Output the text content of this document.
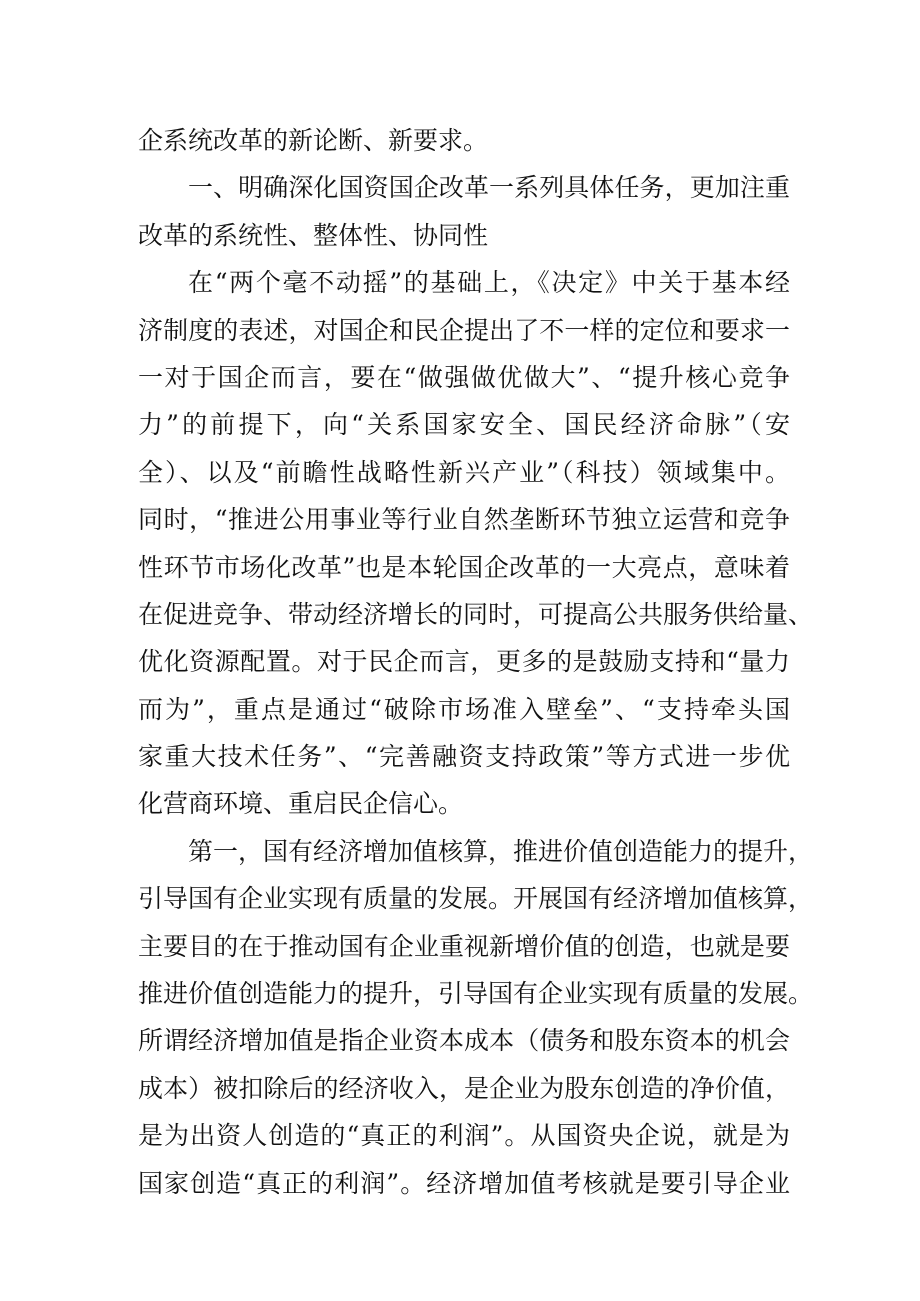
企系统改革的新论断、新要求。
一、明确深化国资国企改革一系列具体任务，更加注重
改革的系统性、整体性、协同性
在“两个毫不动摇”的基础上，《决定》中关于基本经
济制度的表述，对国企和民企提出了不一样的定位和要求一
一对于国企而言，要在“做强做优做大”、“提升核心竞争
力”的前提下，向“关系国家安全、国民经济命脉”（安
全）、以及“前瞻性战略性新兴产业”（科技）领域集中。
同时，“推进公用事业等行业自然垄断环节独立运营和竞争
性环节市场化改革”也是本轮国企改革的一大亮点，意味着
在促进竞争、带动经济增长的同时，可提高公共服务供给量、
优化资源配置。对于民企而言，更多的是鼓励支持和“量力
而为”，重点是通过“破除市场准入壁垒”、“支持牵头国
家重大技术任务”、“完善融资支持政策”等方式进一步优
化营商环境、重启民企信心。
第一，国有经济增加值核算，推进价值创造能力的提升，
引导国有企业实现有质量的发展。开展国有经济增加值核算，
主要目的在于推动国有企业重视新增价值的创造，也就是要
推进价值创造能力的提升，引导国有企业实现有质量的发展。
所谓经济增加值是指企业资本成本（债务和股东资本的机会
成本）被扣除后的经济收入，是企业为股东创造的净价值，
是为出资人创造的“真正的利润”。从国资央企说，就是为
国家创造“真正的利润”。经济增加值考核就是要引导企业
